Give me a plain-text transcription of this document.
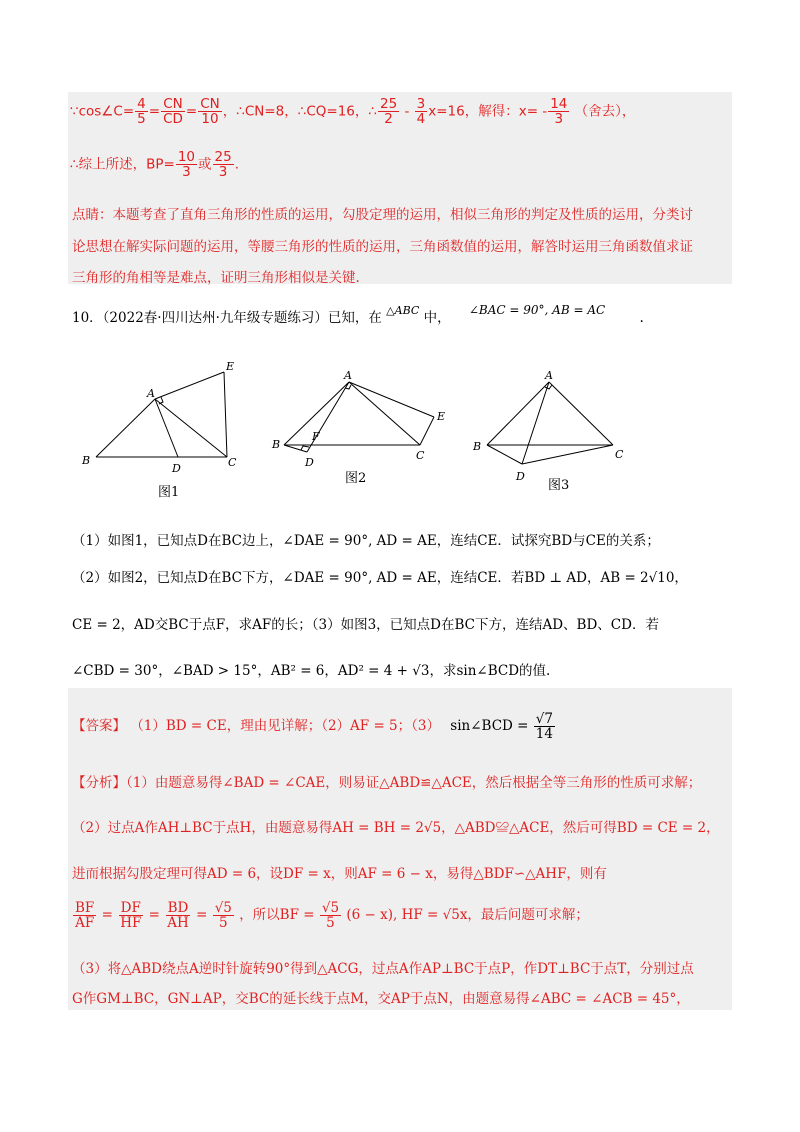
∵cos∠C= $\frac{4}{5} = \frac{CN}{CD} = \frac{CN}{10}$ ，∴CN=8，∴CQ=16，∴ $\frac{25}{2} - \frac{3}{4} x=16$，解得：$x= - \frac{14}{3}$ （舍去），
∴综上所述，$BP= \frac{10}{3}$ 或 $\frac{25}{3}$ .
点睛：本题考查了直角三角形的性质的运用，勾股定理的运用，相似三角形的判定及性质的运用，分类讨
论思想在解实际问题的运用，等腰三角形的性质的运用，三角函数值的运用，解答时运用三角函数值求证
三角形的角相等是难点，证明三角形相似是关键.
10．（2022春·四川达州·九年级专题练习）已知，在 $^{\triangle ABC}$ 中， ∠BAC = 90°, AB = AC	.
A
B
D	C
E
A
B
F
D
C
E
A
B
C
D
图1
图2	图3
（1）如图1，已知点D在BC边上，∠DAE = 90°, AD = AE，连结CE．试探究BD与CE的关系；
（2）如图2，已知点D在BC下方，∠DAE = 90°, AD = AE，连结CE．若BD ⊥ AD，AB = 2√10，
CE = 2，AD交BC于点F，求AF的长；（3）如图3，已知点D在BC下方，连结AD、BD、CD．若
∠CBD = 30°，∠BAD > 15°，AB² = 6，AD² = 4 + √3，求sin∠BCD的值.
【答案】 （1）BD = CE，理由见详解；（2）AF = 5；（3） sin∠BCD = $\frac{√7}{14}$
【分析】（1）由题意易得∠BAD = ∠CAE，则易证△ABD≌△ACE，然后根据全等三角形的性质可求解；
（2）过点A作AH⊥BC于点H，由题意易得AH = BH = 2√5，△ABD≌△ACE，然后可得BD = CE = 2，
进而根据勾股定理可得AD = 6，设DF = x，则AF = 6 − x，易得△BDF∽△AHF，则有
$\frac{BF}{AF} = \frac{DF}{HF} = \frac{BD}{AH} = \frac{√5}{5}$ ，所以BF = $\frac{√5}{5} (6 - x)$, HF = √5x，最后问题可求解；
（3）将△ABD绕点A逆时针旋转90°得到△ACG，过点A作AP⊥BC于点P，作DT⊥BC于点T，分别过点
G作GM⊥BC，GN⊥AP，交BC的延长线于点M，交AP于点N，由题意易得∠ABC = ∠ACB = 45°，
